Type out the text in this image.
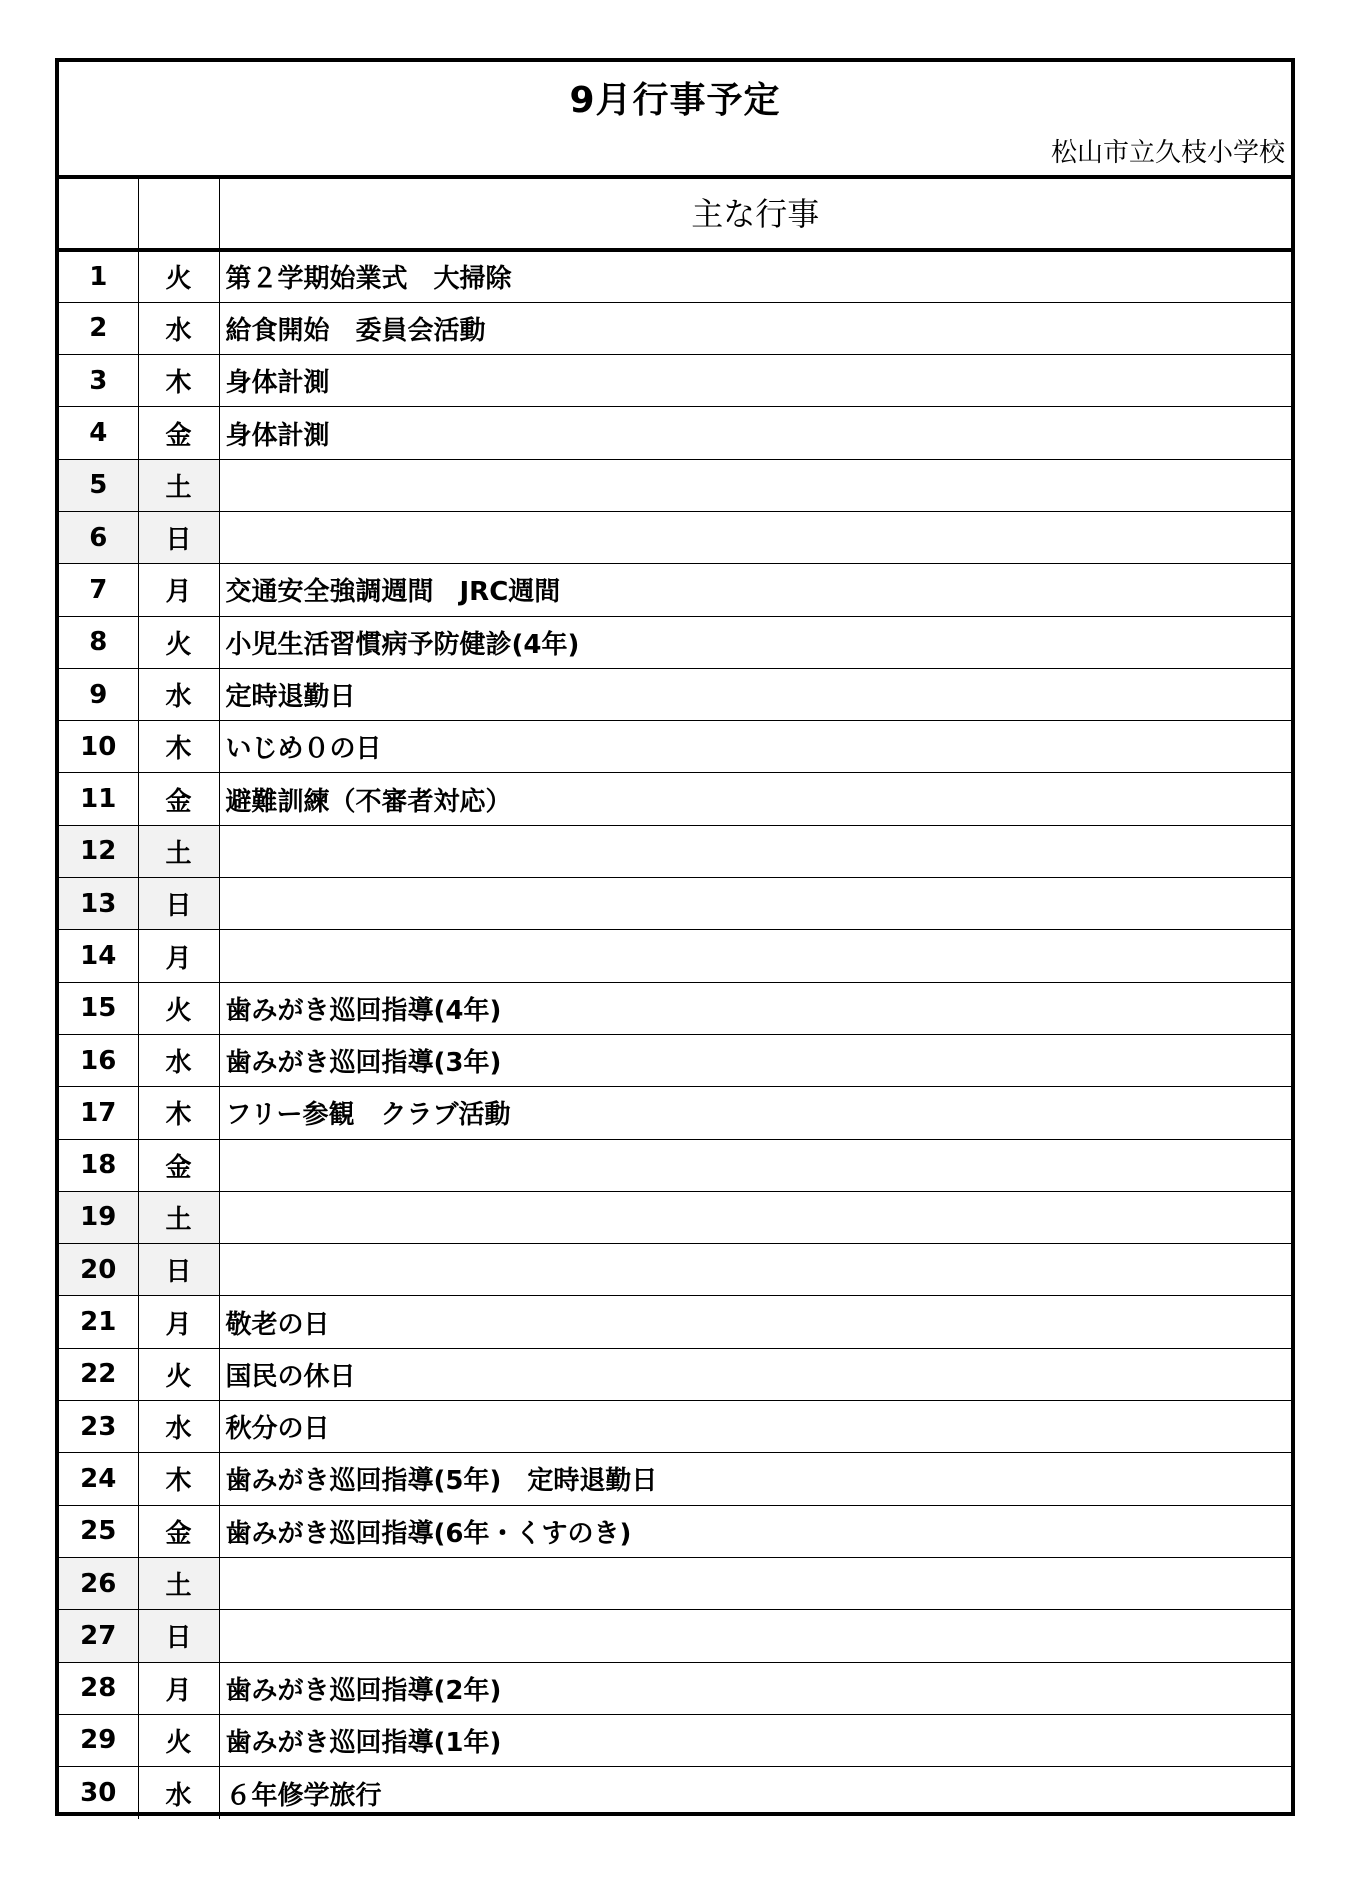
9月行事予定
松山市立久枝小学校
		主な行事
1	火	第２学期始業式　大掃除
2	水	給食開始　委員会活動
3	木	身体計測
4	金	身体計測
5	土	
6	日	
7	月	交通安全強調週間　JRC週間
8	火	小児生活習慣病予防健診(4年)
9	水	定時退勤日
10	木	いじめ０の日
11	金	避難訓練（不審者対応）
12	土	
13	日	
14	月	
15	火	歯みがき巡回指導(4年)
16	水	歯みがき巡回指導(3年)
17	木	フリー参観　クラブ活動
18	金	
19	土	
20	日	
21	月	敬老の日
22	火	国民の休日
23	水	秋分の日
24	木	歯みがき巡回指導(5年)　定時退勤日
25	金	歯みがき巡回指導(6年・くすのき)
26	土	
27	日	
28	月	歯みがき巡回指導(2年)
29	火	歯みがき巡回指導(1年)
30	水	６年修学旅行
